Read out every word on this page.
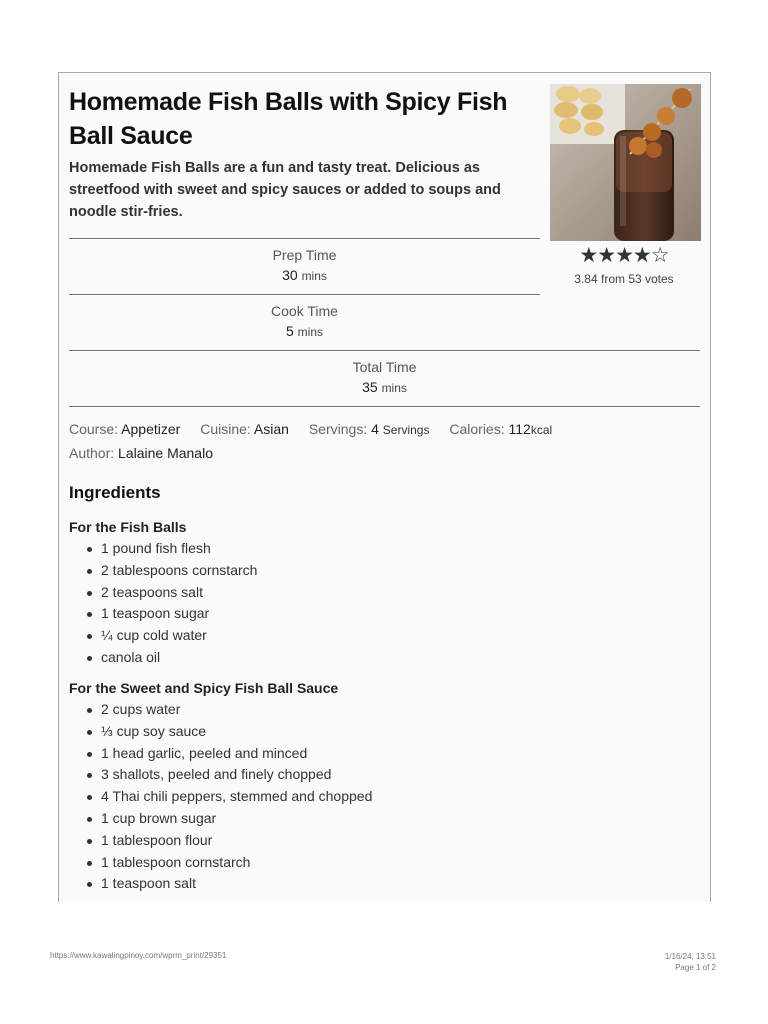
Homemade Fish Balls with Spicy Fish Ball Sauce

Homemade Fish Balls are a fun and tasty treat. Delicious as streetfood with sweet and spicy sauces or added to soups and noodle stir-fries.

★★★★☆
3.84 from 53 votes
Prep Time
30 mins
Cook Time
5 mins
Total Time
35 mins
Course: Appetizer Cuisine: Asian Servings: 4 Servings Calories: 112kcal
Author: Lalaine Manalo
Ingredients
For the Fish Balls
1 pound fish flesh
2 tablespoons cornstarch
2 teaspoons salt
1 teaspoon sugar
¼ cup cold water
canola oil
For the Sweet and Spicy Fish Ball Sauce
2 cups water
⅓ cup soy sauce
1 head garlic, peeled and minced
3 shallots, peeled and finely chopped
4 Thai chili peppers, stemmed and chopped
1 cup brown sugar
1 tablespoon flour
1 tablespoon cornstarch
1 teaspoon salt
https://www.kawalingpinoy.com/wprm_print/29351	1/16/24, 13:51
Page 1 of 2
